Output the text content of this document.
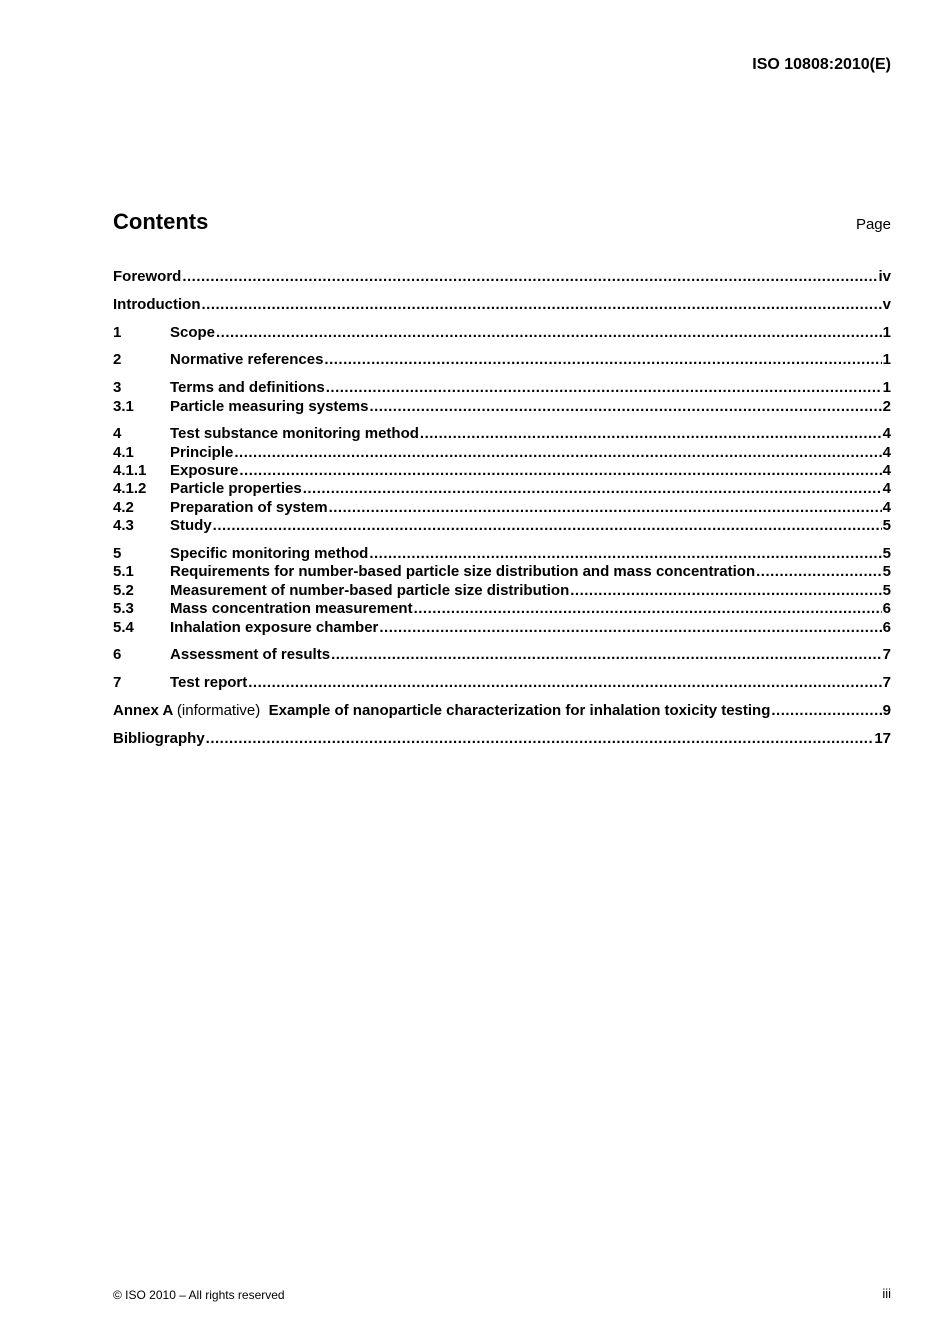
ISO 10808:2010(E)
Contents	Page
Foreword .....	iv
Introduction .....	v
1	Scope .....	1
2	Normative references .....	1
3	Terms and definitions .....	1
3.1	Particle measuring systems .....	2
4	Test substance monitoring method .....	4
4.1	Principle .....	4
4.1.1	Exposure .....	4
4.1.2	Particle properties .....	4
4.2	Preparation of system .....	4
4.3	Study .....	5
5	Specific monitoring method .....	5
5.1	Requirements for number-based particle size distribution and mass concentration .....	5
5.2	Measurement of number-based particle size distribution .....	5
5.3	Mass concentration measurement .....	6
5.4	Inhalation exposure chamber .....	6
6	Assessment of results .....	7
7	Test report .....	7
Annex A (informative) Example of nanoparticle characterization for inhalation toxicity testing .....	9
Bibliography .....	17
© ISO 2010 – All rights reserved	iii
